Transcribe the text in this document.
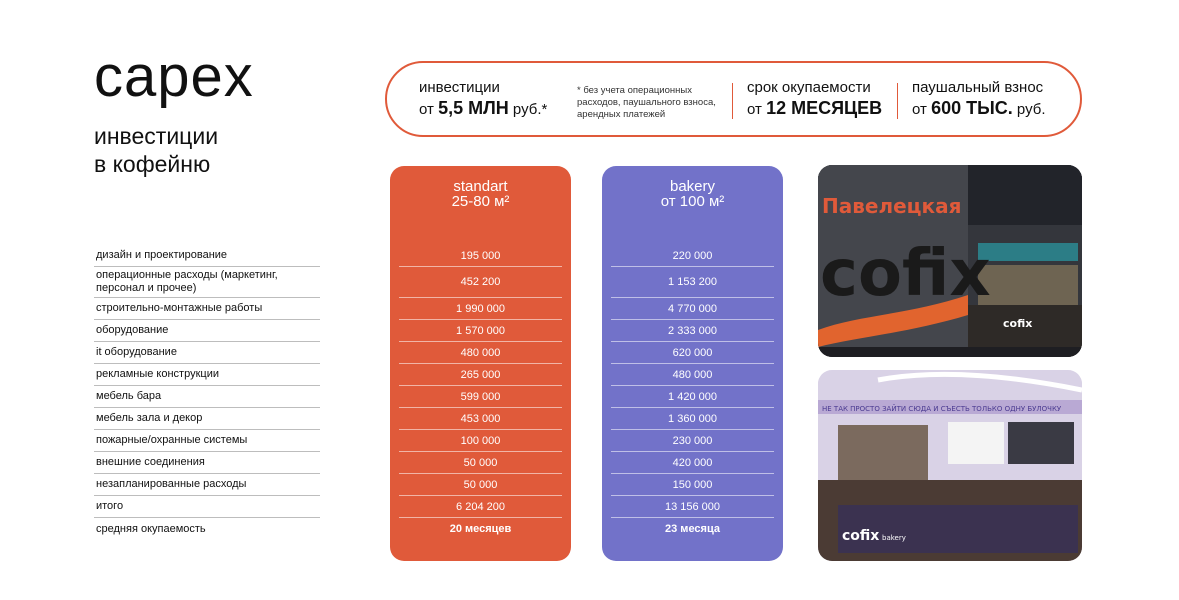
capex
инвестиции
в кофейню
инвестиции
от 5,5 МЛН руб.*
* без учета операционных расходов, паушального взноса, арендных платежей
срок окупаемости
от 12 МЕСЯЦЕВ
паушальный взнос
от 600 ТЫС. руб.
дизайн и проектирование
операционные расходы (маркетинг, персонал и прочее)
строительно-монтажные работы
оборудование
it оборудование
рекламные конструкции
мебель бара
мебель зала и декор
пожарные/охранные системы
внешние соединения
незапланированные расходы
итого
средняя окупаемость
standart
25-80 м²
195 000
452 200
1 990 000
1 570 000
480 000
265 000
599 000
453 000
100 000
50 000
50 000
6 204 200
20 месяцев
bakery
от 100 м²
220 000
1 153 200
4 770 000
2 333 000
620 000
480 000
1 420 000
1 360 000
230 000
420 000
150 000
13 156 000
23 месяца
Павелецкая
cofix
cofix
НЕ ТАК ПРОСТО ЗАЙТИ СЮДА И СЪЕСТЬ ТОЛЬКО ОДНУ БУЛОЧКУ
cofix bakery
